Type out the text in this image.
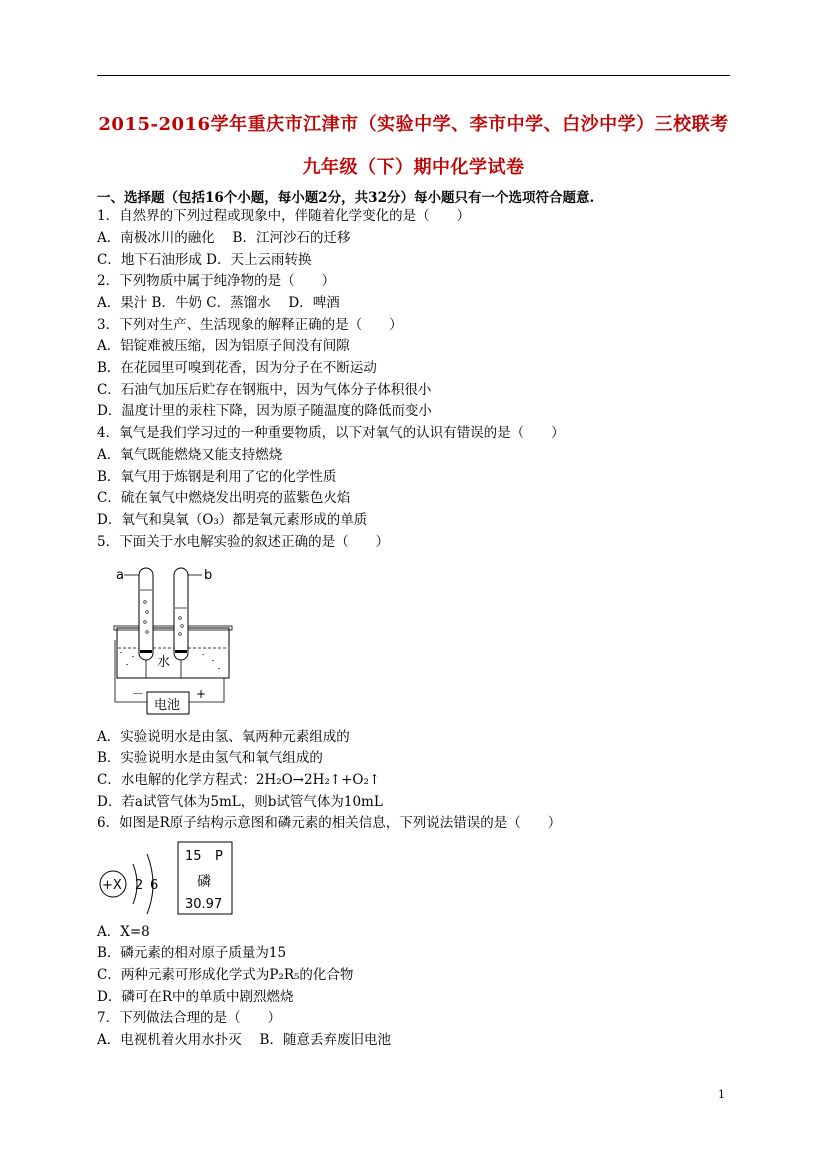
2015-2016学年重庆市江津市（实验中学、李市中学、白沙中学）三校联考
九年级（下）期中化学试卷
一、选择题（包括16个小题，每小题2分，共32分）每小题只有一个选项符合题意.
1．自然界的下列过程或现象中，伴随着化学变化的是（　　）
A．南极冰川的融化　 B．江河沙石的迁移
C．地下石油形成 D．天上云雨转换
2．下列物质中属于纯净物的是（　　）
A．果汁 B．牛奶 C．蒸馏水　 D．啤酒
3．下列对生产、生活现象的解释正确的是（　　）
A．铝锭难被压缩，因为铝原子间没有间隙
B．在花园里可嗅到花香，因为分子在不断运动
C．石油气加压后贮存在钢瓶中，因为气体分子体积很小
D．温度计里的汞柱下降，因为原子随温度的降低而变小
4．氧气是我们学习过的一种重要物质，以下对氧气的认识有错误的是（　　）
A．氧气既能燃烧又能支持燃烧
B．氧气用于炼钢是利用了它的化学性质
C．硫在氧气中燃烧发出明亮的蓝紫色火焰
D．氧气和臭氧（O₃）都是氧元素形成的单质
5．下面关于水电解实验的叙述正确的是（　　）
A．实验说明水是由氢、氧两种元素组成的
B．实验说明水是由氢气和氧气组成的
C．水电解的化学方程式：2H₂O→2H₂↑+O₂↑
D．若a试管气体为5mL，则b试管气体为10mL
6．如图是R原子结构示意图和磷元素的相关信息，下列说法错误的是（　　）
A．X=8
B．磷元素的相对原子质量为15
C．两种元素可形成化学式为P₂R₅的化合物
D．磷可在R中的单质中剧烈燃烧
7．下列做法合理的是（　　）
A．电视机着火用水扑灭　 B．随意丢弃废旧电池
a	b
水
电池
－	+
+X 2 6
15 P
磷
30.97
1
